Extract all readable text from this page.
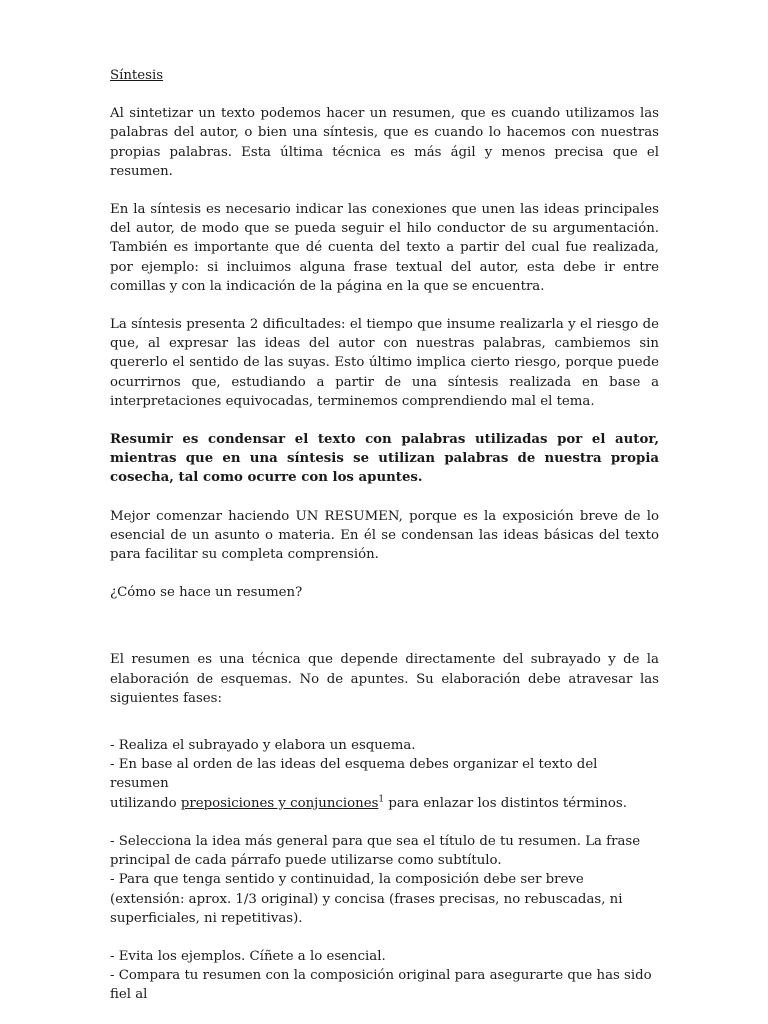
Síntesis

Al sintetizar un texto podemos hacer un resumen, que es cuando utilizamos las palabras del autor, o bien una síntesis, que es cuando lo hacemos con nuestras propias palabras. Esta última técnica es más ágil y menos precisa que el resumen.

En la síntesis es necesario indicar las conexiones que unen las ideas principales del autor, de modo que se pueda seguir el hilo conductor de su argumentación. También es importante que dé cuenta del texto a partir del cual fue realizada, por ejemplo: si incluimos alguna frase textual del autor, esta debe ir entre comillas y con la indicación de la página en la que se encuentra.

La síntesis presenta 2 dificultades: el tiempo que insume realizarla y el riesgo de que, al expresar las ideas del autor con nuestras palabras, cambiemos sin quererlo el sentido de las suyas. Esto último implica cierto riesgo, porque puede ocurrirnos que, estudiando a partir de una síntesis realizada en base a interpretaciones equivocadas, terminemos comprendiendo mal el tema.

Resumir es condensar el texto con palabras utilizadas por el autor, mientras que en una síntesis se utilizan palabras de nuestra propia cosecha, tal como ocurre con los apuntes.

Mejor comenzar haciendo UN RESUMEN, porque es la exposición breve de lo esencial de un asunto o materia. En él se condensan las ideas básicas del texto para facilitar su completa comprensión.

¿Cómo se hace un resumen?

El resumen es una técnica que depende directamente del subrayado y de la elaboración de esquemas. No de apuntes. Su elaboración debe atravesar las siguientes fases:

- Realiza el subrayado y elabora un esquema.

- En base al orden de las ideas del esquema debes organizar el texto del resumen

utilizando preposiciones y conjunciones$^1$ para enlazar los distintos términos.

- Selecciona la idea más general para que sea el título de tu resumen. La frase principal de cada párrafo puede utilizarse como subtítulo.

- Para que tenga sentido y continuidad, la composición debe ser breve (extensión: aprox. 1/3 original) y concisa (frases precisas, no rebuscadas, ni superficiales, ni repetitivas).

- Evita los ejemplos. Cíñete a lo esencial.

- Compara tu resumen con la composición original para asegurarte que has sido fiel al
